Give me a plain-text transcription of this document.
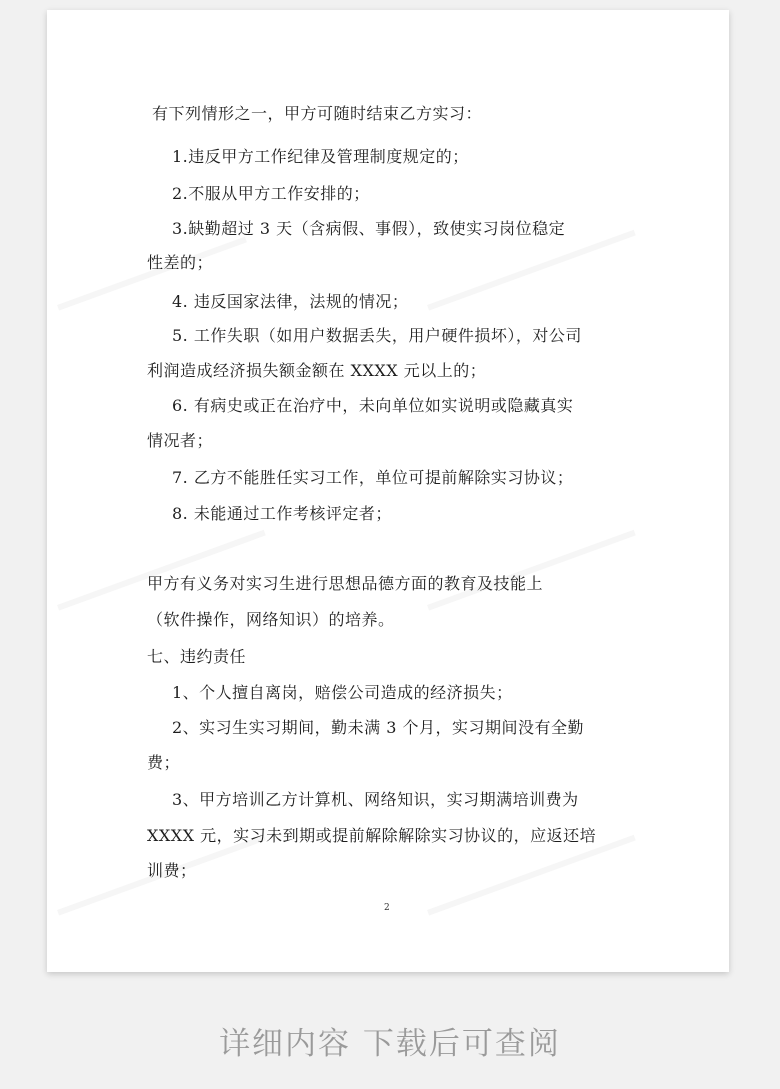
有下列情形之一，甲方可随时结束乙方实习：
1.违反甲方工作纪律及管理制度规定的；
2.不服从甲方工作安排的；
3.缺勤超过 3 天（含病假、事假），致使实习岗位稳定
性差的；
4. 违反国家法律，法规的情况；
5. 工作失职（如用户数据丢失，用户硬件损坏），对公司
利润造成经济损失额金额在 XXXX 元以上的；
6. 有病史或正在治疗中，未向单位如实说明或隐藏真实
情况者；
7. 乙方不能胜任实习工作，单位可提前解除实习协议；
8. 未能通过工作考核评定者；
甲方有义务对实习生进行思想品德方面的教育及技能上
（软件操作，网络知识）的培养。
七、违约责任
1、个人擅自离岗，赔偿公司造成的经济损失；
2、实习生实习期间，勤未满 3 个月，实习期间没有全勤
费；
3、甲方培训乙方计算机、网络知识，实习期满培训费为
XXXX 元，实习未到期或提前解除解除实习协议的，应返还培
训费；
2
详细内容 下载后可查阅
